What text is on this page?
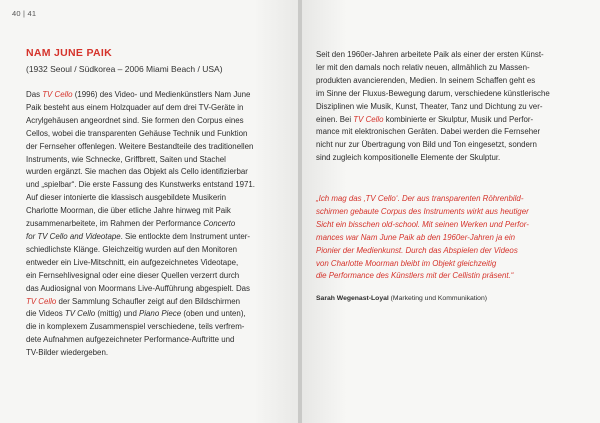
40 | 41
NAM JUNE PAIK
(1932 Seoul / Südkorea – 2006 Miami Beach / USA)
Das TV Cello (1996) des Video- und Medienkünstlers Nam June
Paik besteht aus einem Holzquader auf dem drei TV-Geräte in
Acrylgehäusen angeordnet sind. Sie formen den Corpus eines
Cellos, wobei die transparenten Gehäuse Technik und Funktion
der Fernseher offenlegen. Weitere Bestandteile des traditionellen
Instruments, wie Schnecke, Griffbrett, Saiten und Stachel
wurden ergänzt. Sie machen das Objekt als Cello identifizierbar
und „spielbar“. Die erste Fassung des Kunstwerks entstand 1971.
Auf dieser intonierte die klassisch ausgebildete Musikerin
Charlotte Moorman, die über etliche Jahre hinweg mit Paik
zusammenarbeitete, im Rahmen der Performance Concerto
for TV Cello and Videotape. Sie entlockte dem Instrument unter-
schiedlichste Klänge. Gleichzeitig wurden auf den Monitoren
entweder ein Live-Mitschnitt, ein aufgezeichnetes Videotape,
ein Fernsehlivesignal oder eine dieser Quellen verzerrt durch
das Audiosignal von Moormans Live-Aufführung abgespielt. Das
TV Cello der Sammlung Schaufler zeigt auf den Bildschirmen
die Videos TV Cello (mittig) und Piano Piece (oben und unten),
die in komplexem Zusammenspiel verschiedene, teils verfrem-
dete Aufnahmen aufgezeichneter Performance-Auftritte und
TV-Bilder wiedergeben.
Seit den 1960er-Jahren arbeitete Paik als einer der ersten Künst-
ler mit den damals noch relativ neuen, allmählich zu Massen-
produkten avancierenden, Medien. In seinem Schaffen geht es
im Sinne der Fluxus-Bewegung darum, verschiedene künstlerische
Disziplinen wie Musik, Kunst, Theater, Tanz und Dichtung zu ver-
einen. Bei TV Cello kombinierte er Skulptur, Musik und Perfor-
mance mit elektronischen Geräten. Dabei werden die Fernseher
nicht nur zur Übertragung von Bild und Ton eingesetzt, sondern
sind zugleich kompositionelle Elemente der Skulptur.
„Ich mag das ‚TV Cello‘. Der aus transparenten Röhrenbild-
schirmen gebaute Corpus des Instruments wirkt aus heutiger
Sicht ein bisschen old-school. Mit seinen Werken und Perfor-
mances war Nam June Paik ab den 1960er-Jahren ja ein
Pionier der Medienkunst. Durch das Abspielen der Videos
von Charlotte Moorman bleibt im Objekt gleichzeitig
die Performance des Künstlers mit der Cellistin präsent.“
Sarah Wegenast-Loyal (Marketing und Kommunikation)
